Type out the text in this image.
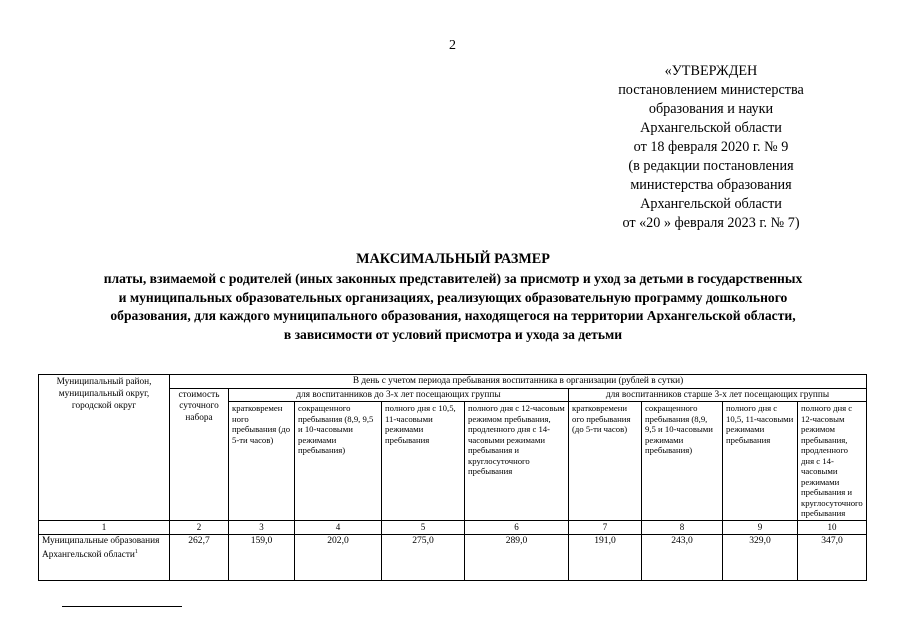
2
«УТВЕРЖДЕН
постановлением министерства
образования и науки
Архангельской области
от 18 февраля 2020 г. № 9
(в редакции постановления
министерства образования
Архангельской области
от «20 » февраля 2023 г. № 7)
МАКСИМАЛЬНЫЙ РАЗМЕР
платы, взимаемой с родителей (иных законных представителей) за присмотр и уход за детьми в государственных
и муниципальных образовательных организациях, реализующих образовательную программу дошкольного
образования, для каждого муниципального образования, находящегося на территории Архангельской области,
в зависимости от условий присмотра и ухода за детьми
Муниципальный район, муниципальный округ, городской округ	В день с учетом периода пребывания воспитанника в организации (рублей в сутки)								
	стоимость суточного набора	для воспитанников до 3-х лет посещающих группы				для воспитанников старше 3-х лет посещающих группы			
		кратковремен ного пребывания (до 5-ти часов)	сокращенного пребывания (8,9, 9,5 и 10-часовыми режимами пребывания)	полного дня с 10,5, 11-часовыми режимами пребывания	полного дня с 12-часовым режимом пребывания, продленного дня с 14-часовыми режимами пребывания и круглосуточного пребывания	кратковремени ого пребывания (до 5-ти часов)	сокращенного пребывания (8,9, 9,5 и 10-часовыми режимами пребывания)	полного дня с 10,5, 11-часовыми режимами пребывания	полного дня с 12-часовым режимом пребывания, продленного дня с 14-часовыми режимами пребывания и круглосуточного пребывания
1	2	3	4	5	6	7	8	9	10
Муниципальные образования Архангельской области$^1$	262,7	159,0	202,0	275,0	289,0	191,0	243,0	329,0	347,0
